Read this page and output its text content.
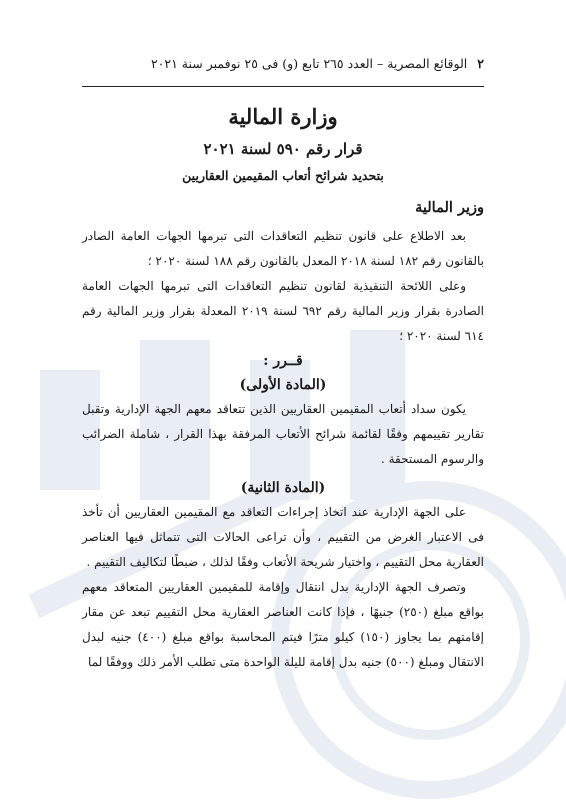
٢
الوقائع المصرية – العدد ٢٦٥ تابع (و) فى ٢٥ نوفمبر سنة ٢٠٢١
وزارة المالية
قرار رقم ٥٩٠ لسنة ٢٠٢١
بتحديد شرائح أتعاب المقيمين العقاريين
وزير المالية

بعد الاطلاع على قانون تنظيم التعاقدات التى تبرمها الجهات العامة الصادر بالقانون رقم ١٨٢ لسنة ٢٠١٨ المعدل بالقانون رقم ١٨٨ لسنة ٢٠٢٠ ؛

وعلى اللائحة التنفيذية لقانون تنظيم التعاقدات التى تبرمها الجهات العامة الصادرة بقرار وزير المالية رقم ٦٩٢ لسنة ٢٠١٩ المعدلة بقرار وزير المالية رقم ٦١٤ لسنة ٢٠٢٠ ؛

قــرر :

(المادة الأولى)

يكون سداد أتعاب المقيمين العقاريين الذين تتعاقد معهم الجهة الإدارية وتقبل تقارير تقييمهم وفقًا لقائمة شرائح الأتعاب المرفقة بهذا القرار ، شاملة الضرائب والرسوم المستحقة .

(المادة الثانية)

على الجهة الإدارية عند اتخاذ إجراءات التعاقد مع المقيمين العقاريين أن تأخذ فى الاعتبار الغرض من التقييم ، وأن تراعى الحالات التى تتماثل فيها العناصر العقارية محل التقييم ، واختيار شريحة الأتعاب وفقًا لذلك ، ضبطًا لتكاليف التقييم .

وتصرف الجهة الإدارية بدل انتقال وإقامة للمقيمين العقاريين المتعاقد معهم بواقع مبلغ (٢٥٠) جنيهًا ، فإذا كانت العناصر العقارية محل التقييم تبعد عن مقار إقامتهم بما يجاوز (١٥٠) كيلو مترًا فيتم المحاسبة بواقع مبلغ (٤٠٠) جنيه لبدل الانتقال ومبلغ (٥٠٠) جنيه بدل إقامة لليلة الواحدة متى تطلب الأمر ذلك ووفقًا لما
